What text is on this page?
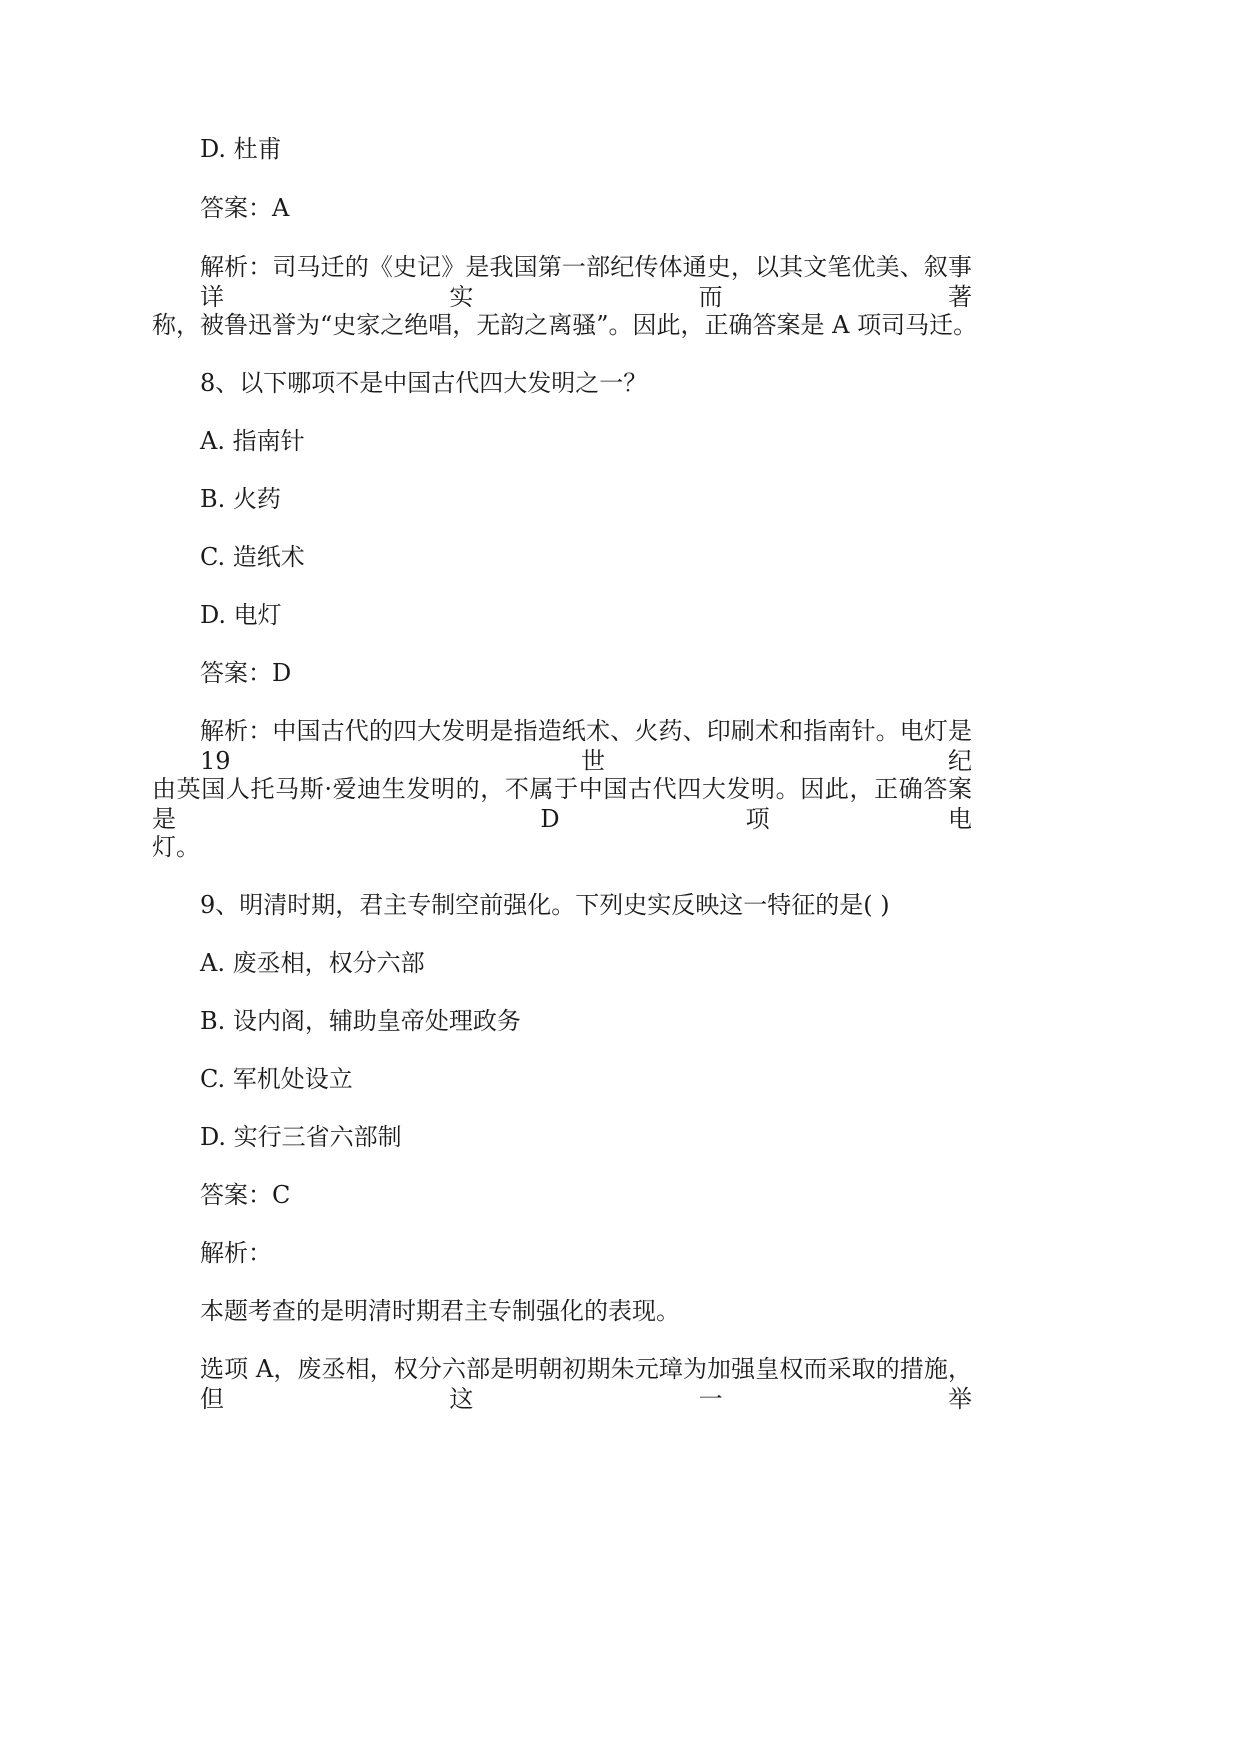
D. 杜甫
答案：A
解析：司马迁的《史记》是我国第一部纪传体通史，以其文笔优美、叙事详实而著
称，被鲁迅誉为“史家之绝唱，无韵之离骚”。因此，正确答案是 A 项司马迁。
8、以下哪项不是中国古代四大发明之一？
A. 指南针
B. 火药
C. 造纸术
D. 电灯
答案：D
解析：中国古代的四大发明是指造纸术、火药、印刷术和指南针。电灯是 19 世纪
由英国人托马斯·爱迪生发明的，不属于中国古代四大发明。因此，正确答案是 D 项电
灯。
9、明清时期，君主专制空前强化。下列史实反映这一特征的是( )
A. 废丞相，权分六部
B. 设内阁，辅助皇帝处理政务
C. 军机处设立
D. 实行三省六部制
答案：C
解析：
本题考查的是明清时期君主专制强化的表现。
选项 A，废丞相，权分六部是明朝初期朱元璋为加强皇权而采取的措施，但这一举
